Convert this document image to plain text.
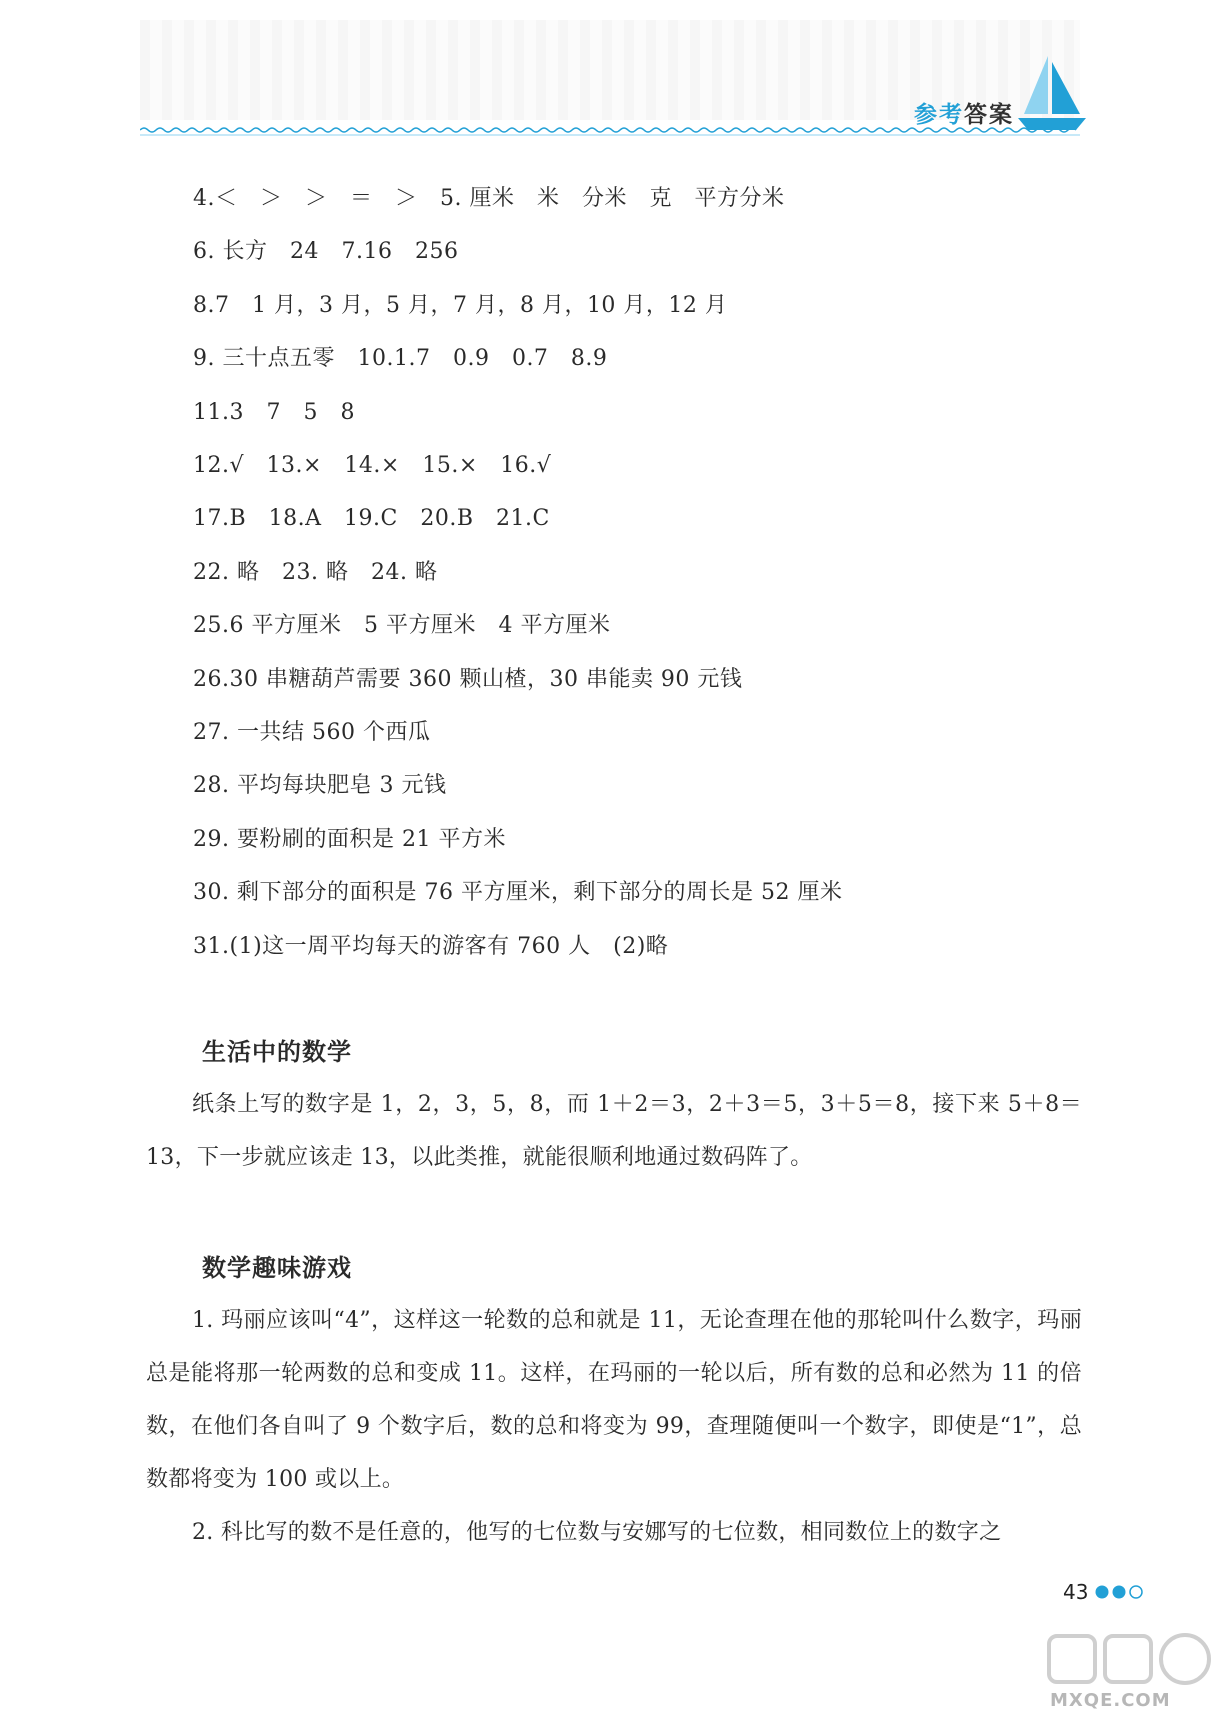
参考答案
4.＜　＞　＞　＝　＞　5. 厘米　米　分米　克　平方分米
6. 长方　24　7.16　256
8.7　1 月，3 月，5 月，7 月，8 月，10 月，12 月
9. 三十点五零　10.1.7　0.9　0.7　8.9
11.3　7　5　8
12.√　13.×　14.×　15.×　16.√
17.B　18.A　19.C　20.B　21.C
22. 略　23. 略　24. 略
25.6 平方厘米　5 平方厘米　4 平方厘米
26.30 串糖葫芦需要 360 颗山楂，30 串能卖 90 元钱
27. 一共结 560 个西瓜
28. 平均每块肥皂 3 元钱
29. 要粉刷的面积是 21 平方米
30. 剩下部分的面积是 76 平方厘米，剩下部分的周长是 52 厘米
31.(1)这一周平均每天的游客有 760 人　(2)略
生活中的数学
纸条上写的数字是 1，2，3，5，8，而 1＋2＝3，2＋3＝5，3＋5＝8，接下来 5＋8＝13，下一步就应该走 13，以此类推，就能很顺利地通过数码阵了。
数学趣味游戏
1. 玛丽应该叫“4”，这样这一轮数的总和就是 11，无论查理在他的那轮叫什么数字，玛丽总是能将那一轮两数的总和变成 11。这样，在玛丽的一轮以后，所有数的总和必然为 11 的倍数，在他们各自叫了 9 个数字后，数的总和将变为 99，查理随便叫一个数字，即使是“1”，总数都将变为 100 或以上。
2. 科比写的数不是任意的，他写的七位数与安娜写的七位数，相同数位上的数字之
43
MXQE.COM
